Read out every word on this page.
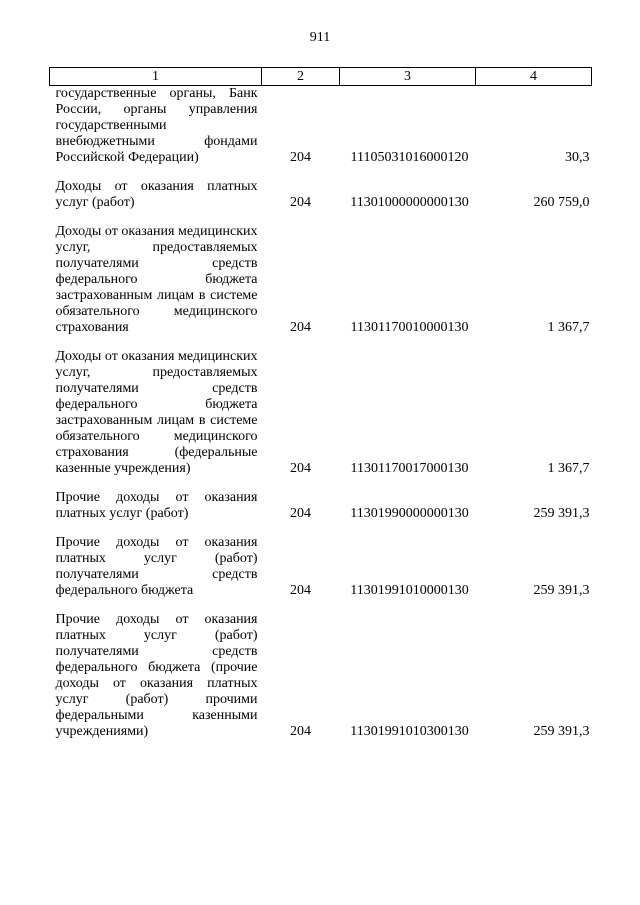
911
1	2	3	4
государственные органы, Банк России, органы управления государственными внебюджетными фондами Российской Федерации)	204	11105031016000120	30,3

Доходы от оказания платных услуг (работ)	204	11301000000000130	260 759,0

Доходы от оказания медицинских услуг, предоставляемых получателями средств федерального бюджета застрахованным лицам в системе обязательного медицинского страхования	204	11301170010000130	1 367,7

Доходы от оказания медицинских услуг, предоставляемых получателями средств федерального бюджета застрахованным лицам в системе обязательного медицинского страхования (федеральные казенные учреждения)	204	11301170017000130	1 367,7

Прочие доходы от оказания платных услуг (работ)	204	11301990000000130	259 391,3

Прочие доходы от оказания платных услуг (работ) получателями средств федерального бюджета	204	11301991010000130	259 391,3

Прочие доходы от оказания платных услуг (работ) получателями средств федерального бюджета (прочие доходы от оказания платных услуг (работ) прочими федеральными казенными учреждениями)	204	11301991010300130	259 391,3
